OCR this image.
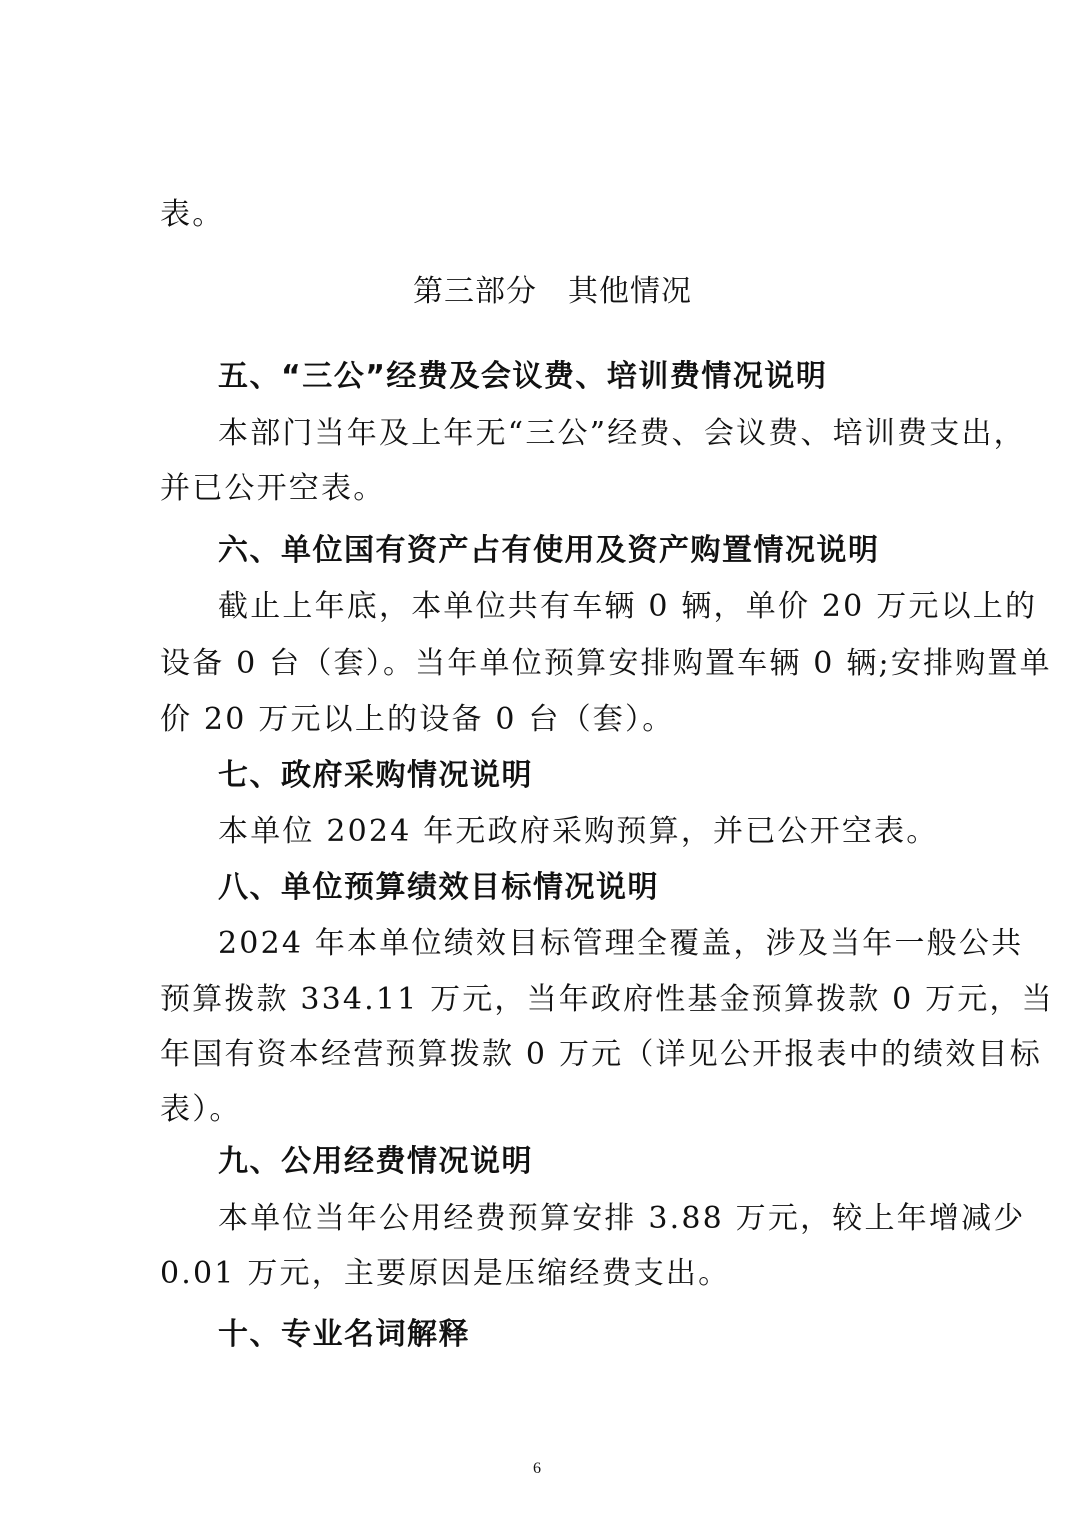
表。
第三部分　其他情况
五、“三公”经费及会议费、培训费情况说明
本部门当年及上年无“三公”经费、会议费、培训费支出，
并已公开空表。
六、单位国有资产占有使用及资产购置情况说明
截止上年底，本单位共有车辆 0 辆，单价 20 万元以上的
设备 0 台（套）。当年单位预算安排购置车辆 0 辆;安排购置单
价 20 万元以上的设备 0 台（套）。
七、政府采购情况说明
本单位 2024 年无政府采购预算，并已公开空表。
八、单位预算绩效目标情况说明
2024 年本单位绩效目标管理全覆盖，涉及当年一般公共
预算拨款 334.11 万元，当年政府性基金预算拨款 0 万元，当
年国有资本经营预算拨款 0 万元（详见公开报表中的绩效目标
表）。
九、公用经费情况说明
本单位当年公用经费预算安排 3.88 万元，较上年增减少
0.01 万元，主要原因是压缩经费支出。
十、专业名词解释
6
